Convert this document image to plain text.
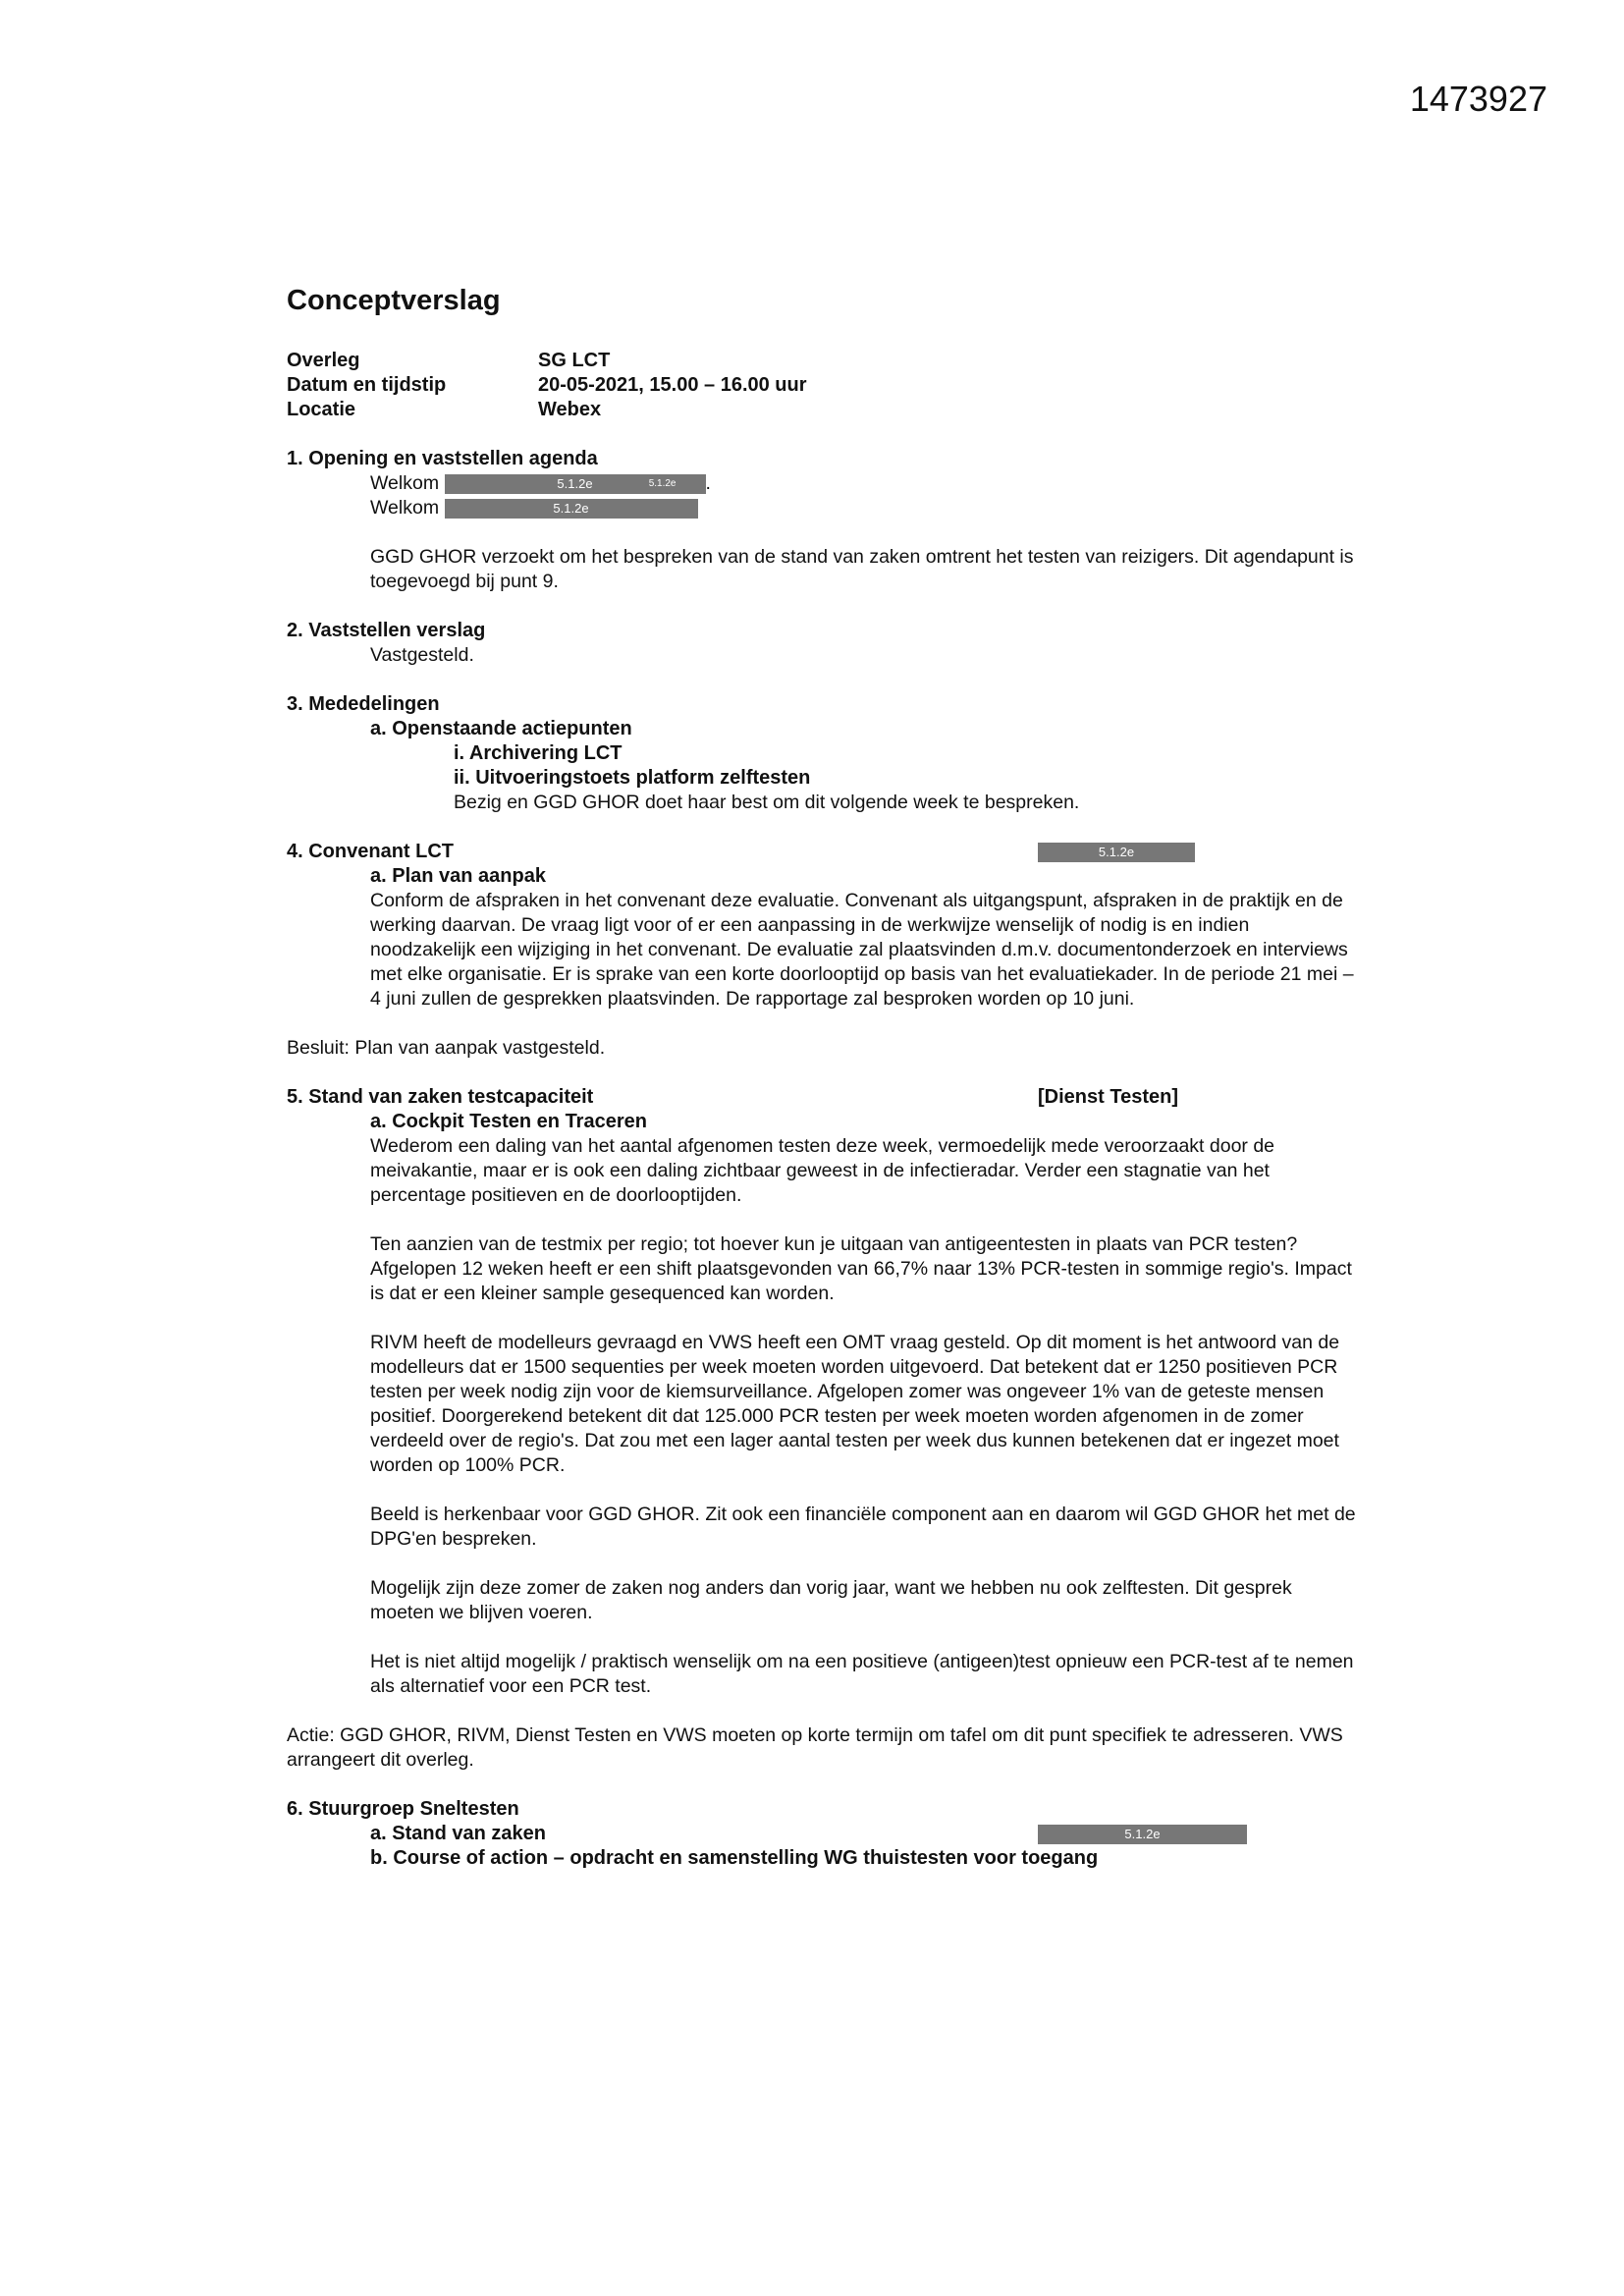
1473927
Conceptverslag
Overleg	SG LCT
Datum en tijdstip	20-05-2021, 15.00 – 16.00 uur
Locatie	Webex
1. Opening en vaststellen agenda
Welkom
	5.1.2e	5.1.2e .
Welkom
	5.1.2e

GGD GHOR verzoekt om het bespreken van de stand van zaken omtrent het testen van reizigers. Dit agendapunt is toegevoegd bij punt 9.

2. Vaststellen verslag
Vastgesteld.
3. Mededelingen
a. Openstaande actiepunten
i. Archivering LCT
ii. Uitvoeringstoets platform zelftesten
Bezig en GGD GHOR doet haar best om dit volgende week te bespreken.
4. Convenant LCT	5.1.2e
a. Plan van aanpak

Conform de afspraken in het convenant deze evaluatie. Convenant als uitgangspunt, afspraken in de praktijk en de werking daarvan. De vraag ligt voor of er een aanpassing in de werkwijze wenselijk of nodig is en indien noodzakelijk een wijziging in het convenant. De evaluatie zal plaatsvinden d.m.v. documentonderzoek en interviews met elke organisatie. Er is sprake van een korte doorlooptijd op basis van het evaluatiekader. In de periode 21 mei – 4 juni zullen de gesprekken plaatsvinden. De rapportage zal besproken worden op 10 juni.

Besluit: Plan van aanpak vastgesteld.
5. Stand van zaken testcapaciteit	[Dienst Testen]
a. Cockpit Testen en Traceren

Wederom een daling van het aantal afgenomen testen deze week, vermoedelijk mede veroorzaakt door de meivakantie, maar er is ook een daling zichtbaar geweest in de infectieradar. Verder een stagnatie van het percentage positieven en de doorlooptijden.

Ten aanzien van de testmix per regio; tot hoever kun je uitgaan van antigeentesten in plaats van PCR testen? Afgelopen 12 weken heeft er een shift plaatsgevonden van 66,7% naar 13% PCR-testen in sommige regio's. Impact is dat er een kleiner sample gesequenced kan worden.

RIVM heeft de modelleurs gevraagd en VWS heeft een OMT vraag gesteld. Op dit moment is het antwoord van de modelleurs dat er 1500 sequenties per week moeten worden uitgevoerd. Dat betekent dat er 1250 positieven PCR testen per week nodig zijn voor de kiemsurveillance. Afgelopen zomer was ongeveer 1% van de geteste mensen positief. Doorgerekend betekent dit dat 125.000 PCR testen per week moeten worden afgenomen in de zomer verdeeld over de regio's. Dat zou met een lager aantal testen per week dus kunnen betekenen dat er ingezet moet worden op 100% PCR.

Beeld is herkenbaar voor GGD GHOR. Zit ook een financiële component aan en daarom wil GGD GHOR het met de DPG'en bespreken.

Mogelijk zijn deze zomer de zaken nog anders dan vorig jaar, want we hebben nu ook zelftesten. Dit gesprek moeten we blijven voeren.

Het is niet altijd mogelijk / praktisch wenselijk om na een positieve (antigeen)test opnieuw een PCR-test af te nemen als alternatief voor een PCR test.

Actie: GGD GHOR, RIVM, Dienst Testen en VWS moeten op korte termijn om tafel om dit punt specifiek te adresseren. VWS arrangeert dit overleg.

6. Stuurgroep Sneltesten
a. Stand van zaken	5.1.2e
b. Course of action – opdracht en samenstelling WG thuistesten voor toegang
